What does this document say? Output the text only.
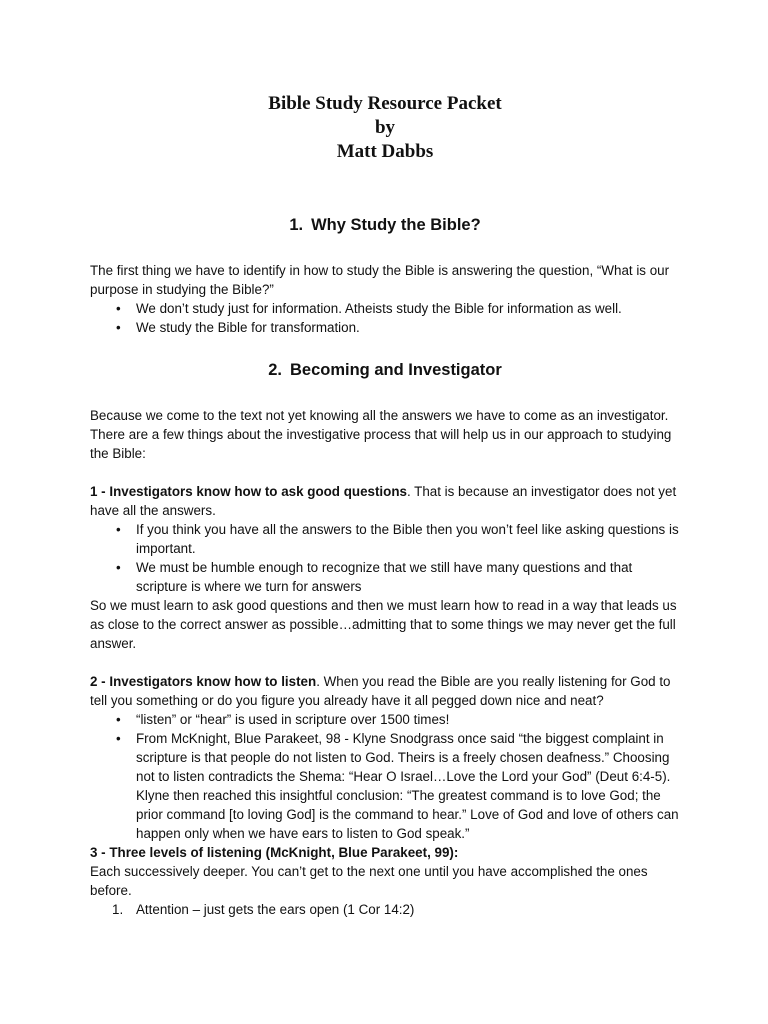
Bible Study Resource Packet
by
Matt Dabbs
1. Why Study the Bible?

The first thing we have to identify in how to study the Bible is answering the question, “What is our purpose in studying the Bible?”

• We don’t study just for information. Atheists study the Bible for information as well.
• We study the Bible for transformation.
2. Becoming and Investigator

Because we come to the text not yet knowing all the answers we have to come as an investigator. There are a few things about the investigative process that will help us in our approach to studying the Bible:

1 - Investigators know how to ask good questions. That is because an investigator does not yet have all the answers.

• If you think you have all the answers to the Bible then you won’t feel like asking questions is important.
• We must be humble enough to recognize that we still have many questions and that scripture is where we turn for answers

So we must learn to ask good questions and then we must learn how to read in a way that leads us as close to the correct answer as possible…admitting that to some things we may never get the full answer.

2 - Investigators know how to listen. When you read the Bible are you really listening for God to tell you something or do you figure you already have it all pegged down nice and neat?

• “listen” or “hear” is used in scripture over 1500 times!
• From McKnight, Blue Parakeet, 98 - Klyne Snodgrass once said “the biggest complaint in scripture is that people do not listen to God. Theirs is a freely chosen deafness.” Choosing not to listen contradicts the Shema: “Hear O Israel…Love the Lord your God” (Deut 6:4-5). Klyne then reached this insightful conclusion: “The greatest command is to love God; the prior command [to loving God] is the command to hear.” Love of God and love of others can happen only when we have ears to listen to God speak.”

3 - Three levels of listening (McKnight, Blue Parakeet, 99):

Each successively deeper. You can’t get to the next one until you have accomplished the ones before.

1. Attention – just gets the ears open (1 Cor 14:2)
